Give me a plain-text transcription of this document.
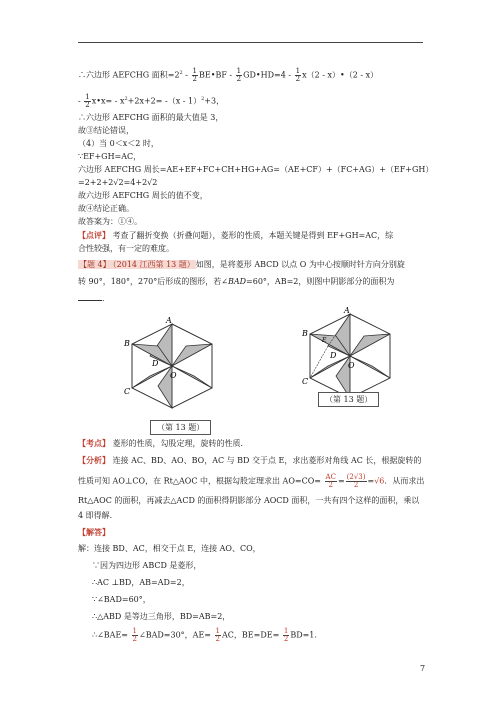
∴六边形 AEFCHG 面积$=2^2 - \frac{1}{2}$ BE•BF - $\frac{1}{2}$ GD•HD=4 - $\frac{1}{2} x(2$ - x）•（2 - x）
- $\frac{1}{2}$ x•x= - $x^2+2x+2= -(x - 1)^2+3$，
∴六边形 AEFCHG 面积的最大值是 3，
故③结论错误，
（4）当 0＜x＜2 时，
∵EF+GH=AC，
六边形 AEFCHG 周长=AE+EF+FC+CH+HG+AG=（AE+CF）+（FC+AG）+（EF+GH）
=2+2+2√2=4+2√2
故六边形 AEFCHG 周长的值不变，
故④结论正确。
故答案为：①④。
【点评】 考查了翻折变换（折叠问题），菱形的性质，本题关键是得到 EF+GH=AC，综
合性较强，有一定的难度。
【题 4】 （2014 江西第 13 题）如图，是将菱形 ABCD 以点 O 为中心按顺时针方向分别旋
转 90°，180°，270°后形成的图形，若∠BAD=60°，AB=2，则图中阴影部分的面积为
．
A
B
C
D
O
（第 13 题）
A
B
C
D
O
E
（第 13 题）
【考点】 菱形的性质，勾股定理，旋转的性质．
【分析】 连接 AC、BD、AO、BO，AC 与 BD 交于点 E，求出菱形对角线 AC 长，根据旋转的
性质可知 AO⊥CO，在 Rt△AOC 中，根据勾股定理求出 $AO=CO= \frac{AC}{2} = \frac{(2√3)}{2} =√6$．从而求出
Rt△AOC 的面积，再减去△ACD 的面积得阴影部分 AOCD 面积，一共有四个这样的面积，乘以
4 即得解．
【解答】
解：连接 BD、AC，相交于点 E，连接 AO、CO，
∵因为四边形 ABCD 是菱形，
∴AC ⊥BD，AB=AD=2，
∵∠BAD=60°，
∴△ABD 是等边三角形，BD=AB=2，
∴∠BAE= $\frac{1}{2}$ ∠BAD=30°，$AE= \frac{1}{2}$ AC，$BE=DE= \frac{1}{2} BD=1$．
7
